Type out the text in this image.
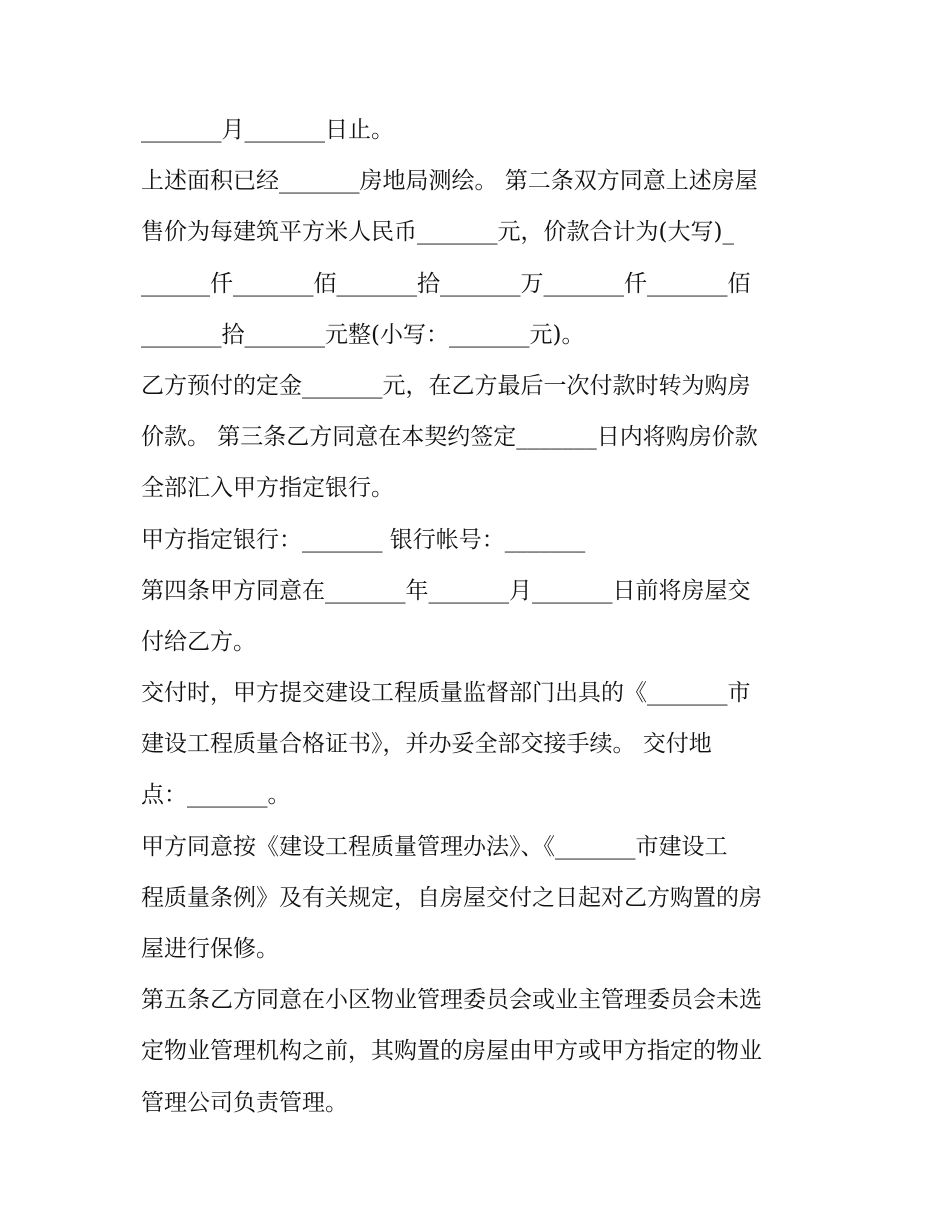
_______月_______日止。
上述面积已经_______房地局测绘。 第二条双方同意上述房屋
售价为每建筑平方米人民币_______元，价款合计为(大写)_
______仟_______佰_______拾_______万_______仟_______佰
_______拾_______元整(小写：_______元)。
乙方预付的定金_______元，在乙方最后一次付款时转为购房
价款。 第三条乙方同意在本契约签定_______日内将购房价款
全部汇入甲方指定银行。
甲方指定银行：_______ 银行帐号：_______
第四条甲方同意在_______年_______月_______日前将房屋交
付给乙方。
交付时，甲方提交建设工程质量监督部门出具的《_______市
建设工程质量合格证书》，并办妥全部交接手续。 交付地
点：_______。
甲方同意按《建设工程质量管理办法》、《_______市建设工
程质量条例》及有关规定，自房屋交付之日起对乙方购置的房
屋进行保修。
第五条乙方同意在小区物业管理委员会或业主管理委员会未选
定物业管理机构之前，其购置的房屋由甲方或甲方指定的物业
管理公司负责管理。
